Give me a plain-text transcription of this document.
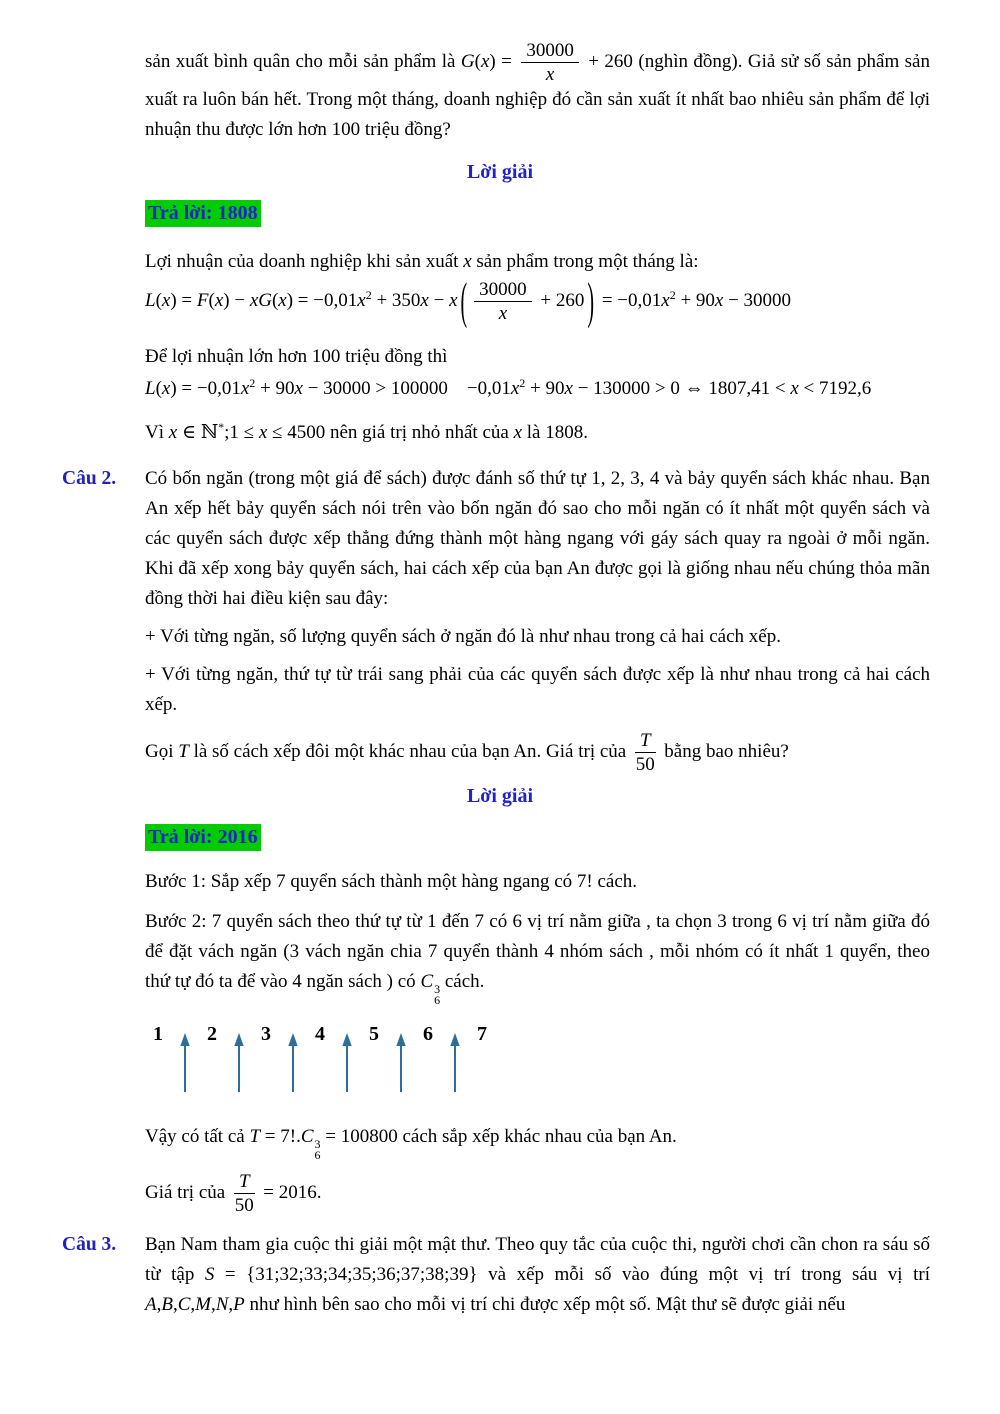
sản xuất bình quân cho mỗi sản phẩm là $G(x) = \frac{30000}{x} + 260$ (nghìn đồng). Giả sử số sản phẩm sản xuất ra luôn bán hết. Trong một tháng, doanh nghiệp đó cần sản xuất ít nhất bao nhiêu sản phẩm để lợi nhuận thu được lớn hơn 100 triệu đồng?

Lời giải
Trả lời: 1808

Lợi nhuận của doanh nghiệp khi sản xuất x sản phẩm trong một tháng là:

$L(x) = F(x) - xG(x) = -0,01x^2 + 350x - x$ ( $\frac{30000}{x} + 260$ ) = $-0,01x^2 + 90x - 30000$

Để lợi nhuận lớn hơn 100 triệu đồng thì

$L(x) = -0,01x^2 + 90x - 30000 > 100000$  $-0,01x^2 + 90x - 130000 > 0$ ⇔ 1807,41 < x < 7192,6

Vì x ∈ ℕ*;1 ≤ x ≤ 4500 nên giá trị nhỏ nhất của x là 1808.

Câu 2. Có bốn ngăn (trong một giá để sách) được đánh số thứ tự 1, 2, 3, 4 và bảy quyển sách khác nhau. Bạn An xếp hết bảy quyển sách nói trên vào bốn ngăn đó sao cho mỗi ngăn có ít nhất một quyển sách và các quyển sách được xếp thẳng đứng thành một hàng ngang với gáy sách quay ra ngoài ở mỗi ngăn. Khi đã xếp xong bảy quyển sách, hai cách xếp của bạn An được gọi là giống nhau nếu chúng thỏa mãn đồng thời hai điều kiện sau đây:

+ Với từng ngăn, số lượng quyển sách ở ngăn đó là như nhau trong cả hai cách xếp.

+ Với từng ngăn, thứ tự từ trái sang phải của các quyển sách được xếp là như nhau trong cả hai cách xếp.

Gọi T là số cách xếp đôi một khác nhau của bạn An. Giá trị của $\frac{T}{50}$ bằng bao nhiêu?

Lời giải
Trả lời: 2016

Bước 1: Sắp xếp 7 quyển sách thành một hàng ngang có 7! cách.

Bước 2: 7 quyển sách theo thứ tự từ 1 đến 7 có 6 vị trí nằm giữa , ta chọn 3 trong 6 vị trí nằm giữa đó để đặt vách ngăn (3 vách ngăn chia 7 quyển thành 4 nhóm sách , mỗi nhóm có ít nhất 1 quyển, theo thứ tự đó ta để vào 4 ngăn sách ) có C 3
6
cách.

1 2 3 4 5 6 7

Vậy có tất cả T = 7!.C 3
6
= 100800 cách sắp xếp khác nhau của bạn An.

Giá trị của $\frac{T}{50} = 2016$.

Câu 3. Bạn Nam tham gia cuộc thi giải một mật thư. Theo quy tắc của cuộc thi, người chơi cần chon ra sáu số từ tập S = {31;32;33;34;35;36;37;38;39} và xếp mỗi số vào đúng một vị trí trong sáu vị trí A,B,C,M,N,P như hình bên sao cho mỗi vị trí chi được xếp một số. Mật thư sẽ được giải nếu
